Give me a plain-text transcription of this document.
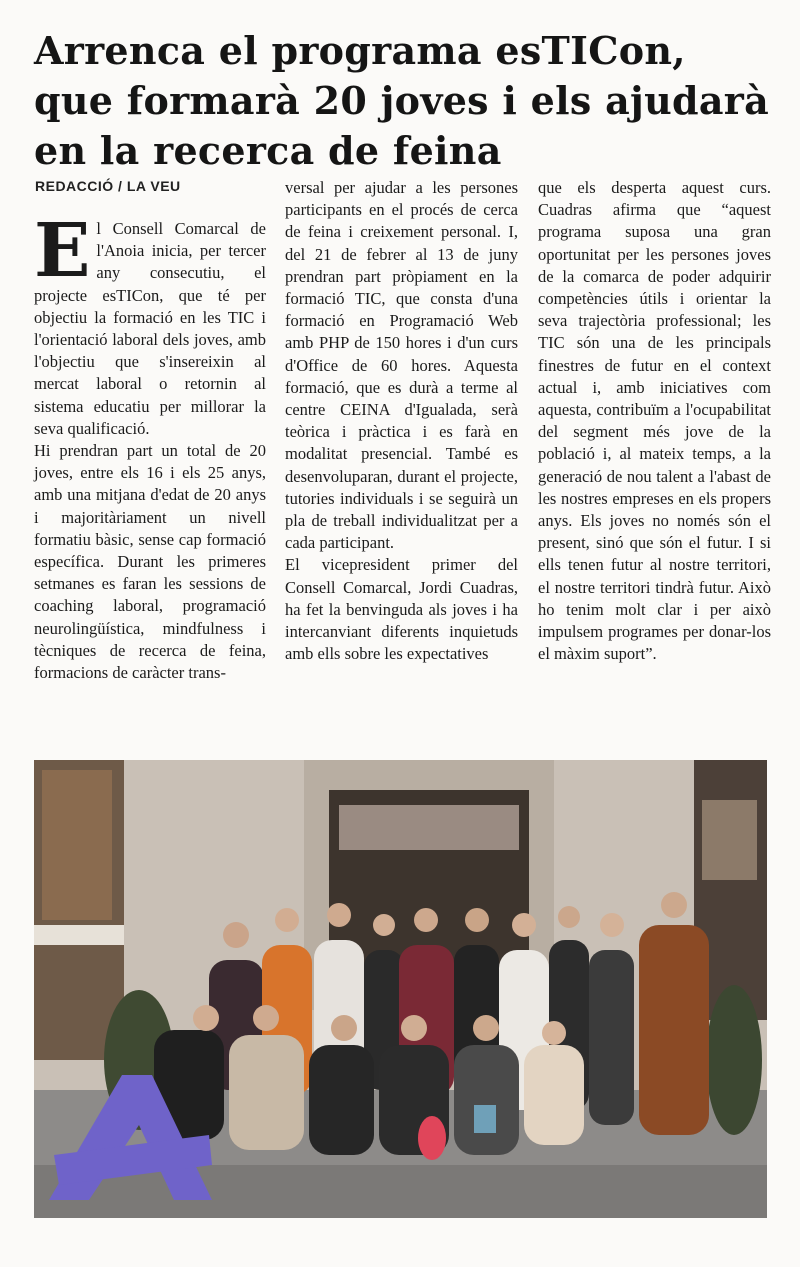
Arrenca el programa esTICon,
que formarà 20 joves i els ajudarà
en la recerca de feina
REDACCIÓ / LA VEU

El Consell Comarcal de l'Anoia inicia, per tercer any consecutiu, el projecte esTICon, que té per objectiu la formació en les TIC i l'orientació laboral dels joves, amb l'objectiu que s'insereixin al mercat laboral o retornin al sistema educatiu per millorar la seva qualificació.

Hi prendran part un total de 20 joves, entre els 16 i els 25 anys, amb una mitjana d'edat de 20 anys i majoritàriament un nivell formatiu bàsic, sense cap formació específica. Durant les primeres setmanes es faran les sessions de coaching laboral, programació neurolingüística, mindfulness i tècniques de recerca de feina, formacions de caràcter trans-

versal per ajudar a les persones participants en el procés de cerca de feina i creixement personal. I, del 21 de febrer al 13 de juny prendran part pròpiament en la formació TIC, que consta d'una formació en Programació Web amb PHP de 150 hores i d'un curs d'Office de 60 hores. Aquesta formació, que es durà a terme al centre CEINA d'Igualada, serà teòrica i pràctica i es farà en modalitat presencial. També es desenvoluparan, durant el projecte, tutories individuals i se seguirà un pla de treball individualitzat per a cada participant.

El vicepresident primer del Consell Comarcal, Jordi Cuadras, ha fet la benvinguda als joves i ha intercanviant diferents inquietuds amb ells sobre les expectatives

que els desperta aquest curs. Cuadras afirma que “aquest programa suposa una gran oportunitat per les persones joves de la comarca de poder adquirir competències útils i orientar la seva trajectòria professional; les TIC són una de les principals finestres de futur en el context actual i, amb iniciatives com aquesta, contribuïm a l'ocupabilitat del segment més jove de la població i, al mateix temps, a la generació de nou talent a l'abast de les nostres empreses en els propers anys. Els joves no només són el present, sinó que són el futur. I si ells tenen futur al nostre territori, el nostre territori tindrà futur. Això ho tenim molt clar i per això impulsem programes per donar-los el màxim suport”.
